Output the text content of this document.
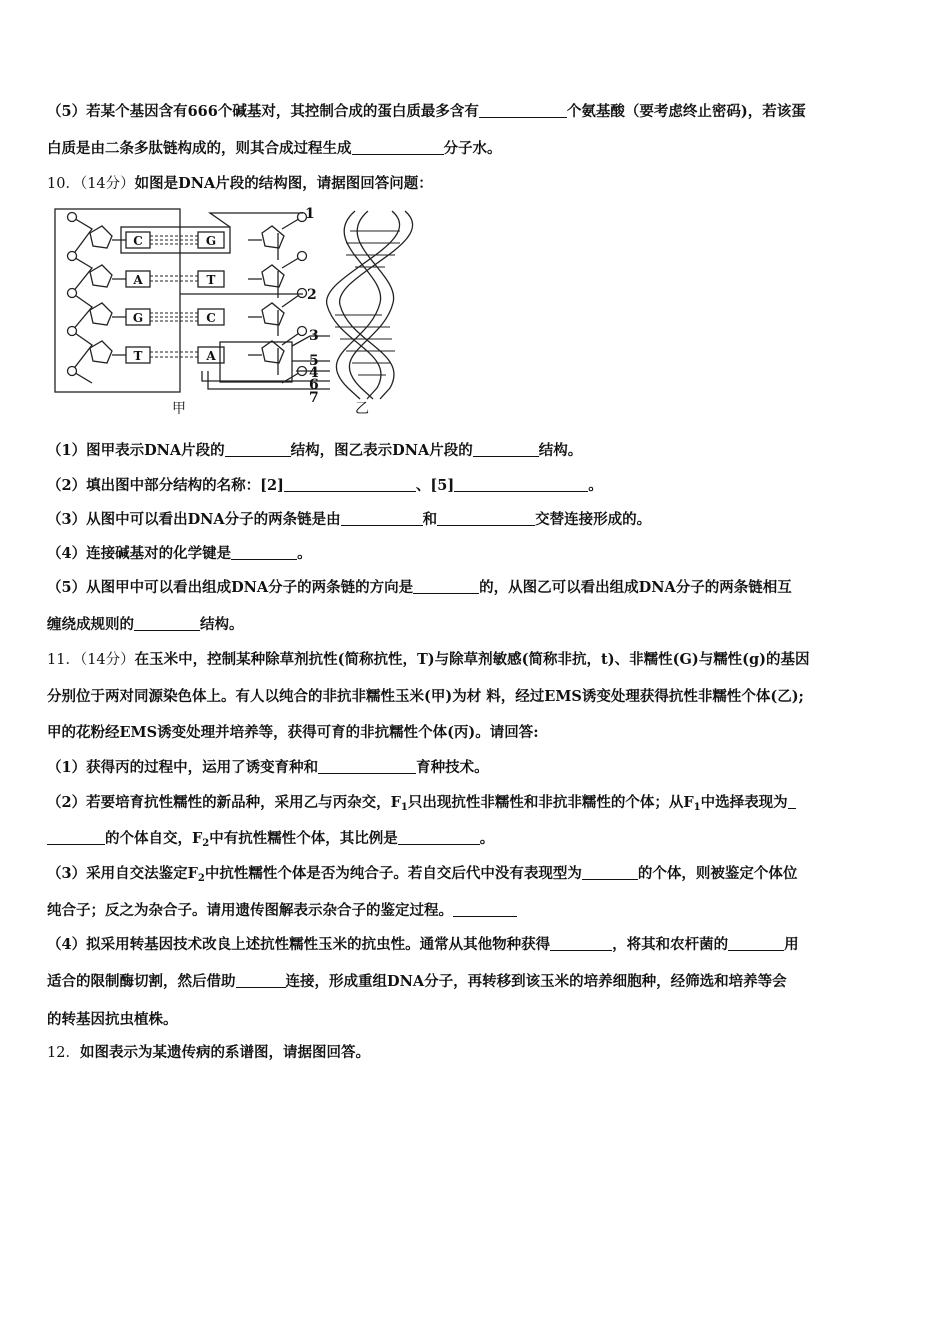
（5）若某个基因含有666个碱基对，其控制合成的蛋白质最多含有	个氨基酸（要考虑终止密码)，若该蛋
白质是由二条多肽链构成的，则其合成过程生成	分子水。
10．（14分）如图是DNA片段的结构图，请据图回答问题：
C
A
G
T
G
T
C
A
1
2
3
5
4
6
7
甲	乙
（1）图甲表示DNA片段的	结构，图乙表示DNA片段的	结构。
（2）填出图中部分结构的名称：[2]	、[5]	。
（3）从图中可以看出DNA分子的两条链是由	和	交替连接形成的。
（4）连接碱基对的化学键是	。
（5）从图甲中可以看出组成DNA分子的两条链的方向是	的，从图乙可以看出组成DNA分子的两条链相互
缠绕成规则的	结构。
11．（14分）在玉米中，控制某种除草剂抗性(简称抗性，T)与除草剂敏感(简称非抗，t)、非糯性(G)与糯性(g)的基因
分别位于两对同源染色体上。有人以纯合的非抗非糯性玉米(甲)为材 料，经过EMS诱变处理获得抗性非糯性个体(乙);
甲的花粉经EMS诱变处理并培养等，获得可育的非抗糯性个体(丙)。请回答:
（1）获得丙的过程中，运用了诱变育种和	育种技术。
（2）若要培育抗性糯性的新品种，采用乙与丙杂交，$F_1$只出现抗性非糯性和非抗非糯性的个体；从$F_1$中选择表现为
的个体自交，$F_2$中有抗性糯性个体，其比例是	。
（3）采用自交法鉴定$F_2$中抗性糯性个体是否为纯合子。若自交后代中没有表现型为	的个体，则被鉴定个体位
纯合子；反之为杂合子。请用遗传图解表示杂合子的鉴定过程。
（4）拟采用转基因技术改良上述抗性糯性玉米的抗虫性。通常从其他物种获得	，将其和农杆菌的	用
适合的限制酶切割，然后借助	连接，形成重组DNA分子，再转移到该玉米的培养细胞种，经筛选和培养等会
的转基因抗虫植株。
12．如图表示为某遗传病的系谱图，请据图回答。
